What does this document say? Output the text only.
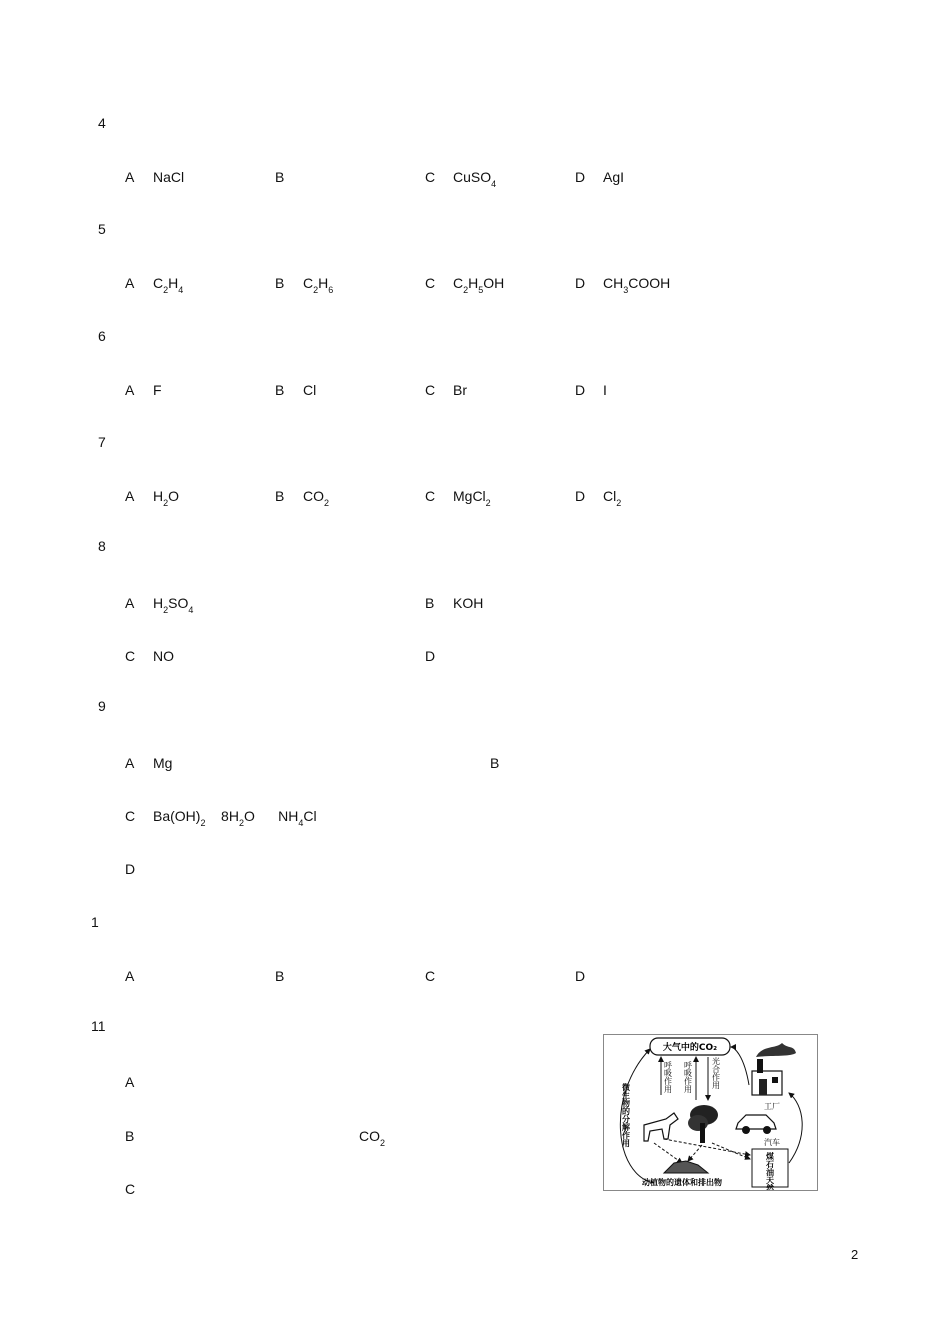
4
5
6
7
8
9
1
11
A NaCl	B	C CuSO$_4$	D AgI
A $C_2H_4$	B $C_2H_6$	C $C_2H_5OH$	D $CH_3COOH$
A F	B Cl	C Br	D I
A $H_2O$	B $CO_2$	C MgCl$_2$	D $Cl_2$
A $H_2SO_4$	B KOH
C NO	D
A Mg	B
C $Ba(OH)_2$    $8H_2O$      $NH_4Cl$
D
A	B	C	D
A
B	$CO_2$
C
大气中的CO₂
呼吸作用 呼吸作用 光合作用
微生物的分解作用	工厂
汽车
煤石油天然气
动植物的遗体和排出物
2
